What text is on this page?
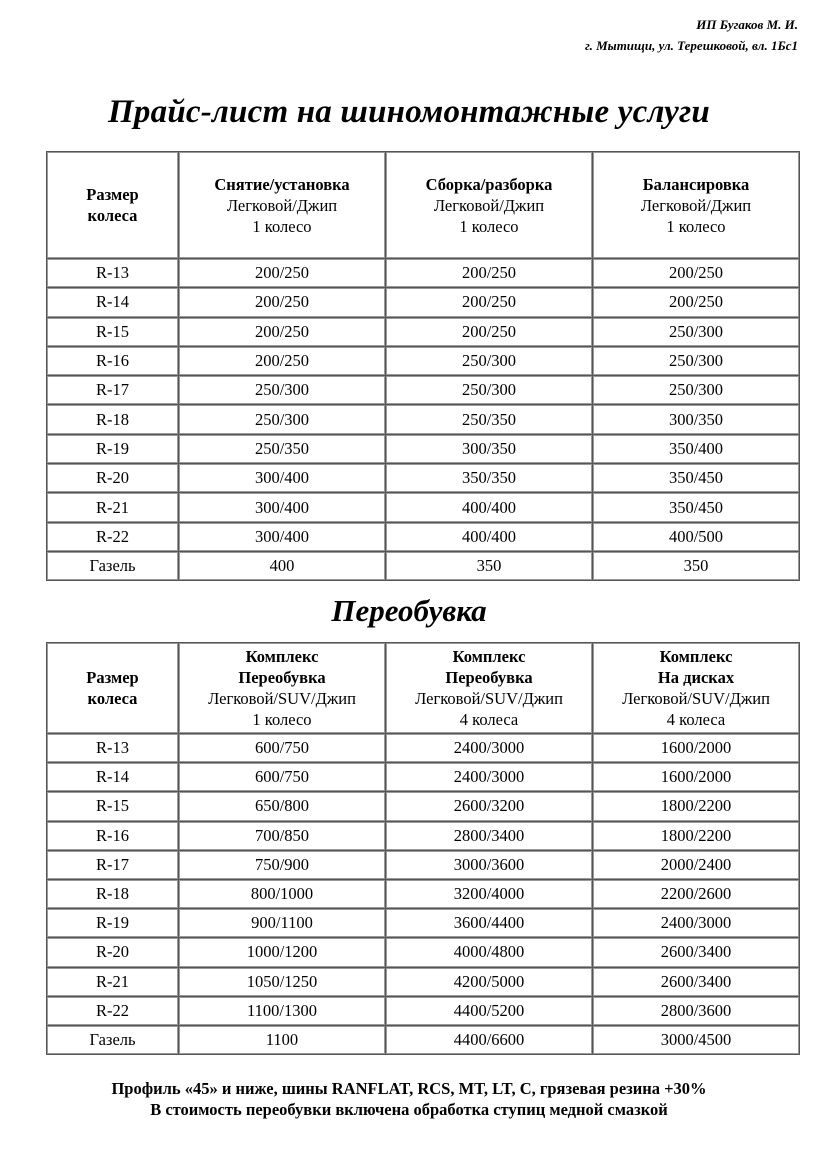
ИП Бугаков М. И.
г. Мытищи, ул. Терешковой, вл. 1Бс1
Прайс-лист на шиномонтажные услуги
Размер
колеса	Снятие/установка
Легковой/Джип
1 колесо	Сборка/разборка
Легковой/Джип
1 колесо	Балансировка
Легковой/Джип
1 колесо

R-13	200/250	200/250	200/250
R-14	200/250	200/250	200/250
R-15	200/250	200/250	250/300
R-16	200/250	250/300	250/300
R-17	250/300	250/300	250/300
R-18	250/300	250/350	300/350
R-19	250/350	300/350	350/400
R-20	300/400	350/350	350/450
R-21	300/400	400/400	350/450
R-22	300/400	400/400	400/500
Газель	400	350	350
Переобувка
Размер
колеса	Комплекс
Переобувка
Легковой/SUV/Джип
1 колесо	Комплекс
Переобувка
Легковой/SUV/Джип
4 колеса	Комплекс
На дисках
Легковой/SUV/Джип
4 колеса

R-13	600/750	2400/3000	1600/2000
R-14	600/750	2400/3000	1600/2000
R-15	650/800	2600/3200	1800/2200
R-16	700/850	2800/3400	1800/2200
R-17	750/900	3000/3600	2000/2400
R-18	800/1000	3200/4000	2200/2600
R-19	900/1100	3600/4400	2400/3000
R-20	1000/1200	4000/4800	2600/3400
R-21	1050/1250	4200/5000	2600/3400
R-22	1100/1300	4400/5200	2800/3600
Газель	1100	4400/6600	3000/4500
Профиль «45» и ниже, шины RANFLAT, RCS, MT, LT, C, грязевая резина +30%
В стоимость переобувки включена обработка ступиц медной смазкой
